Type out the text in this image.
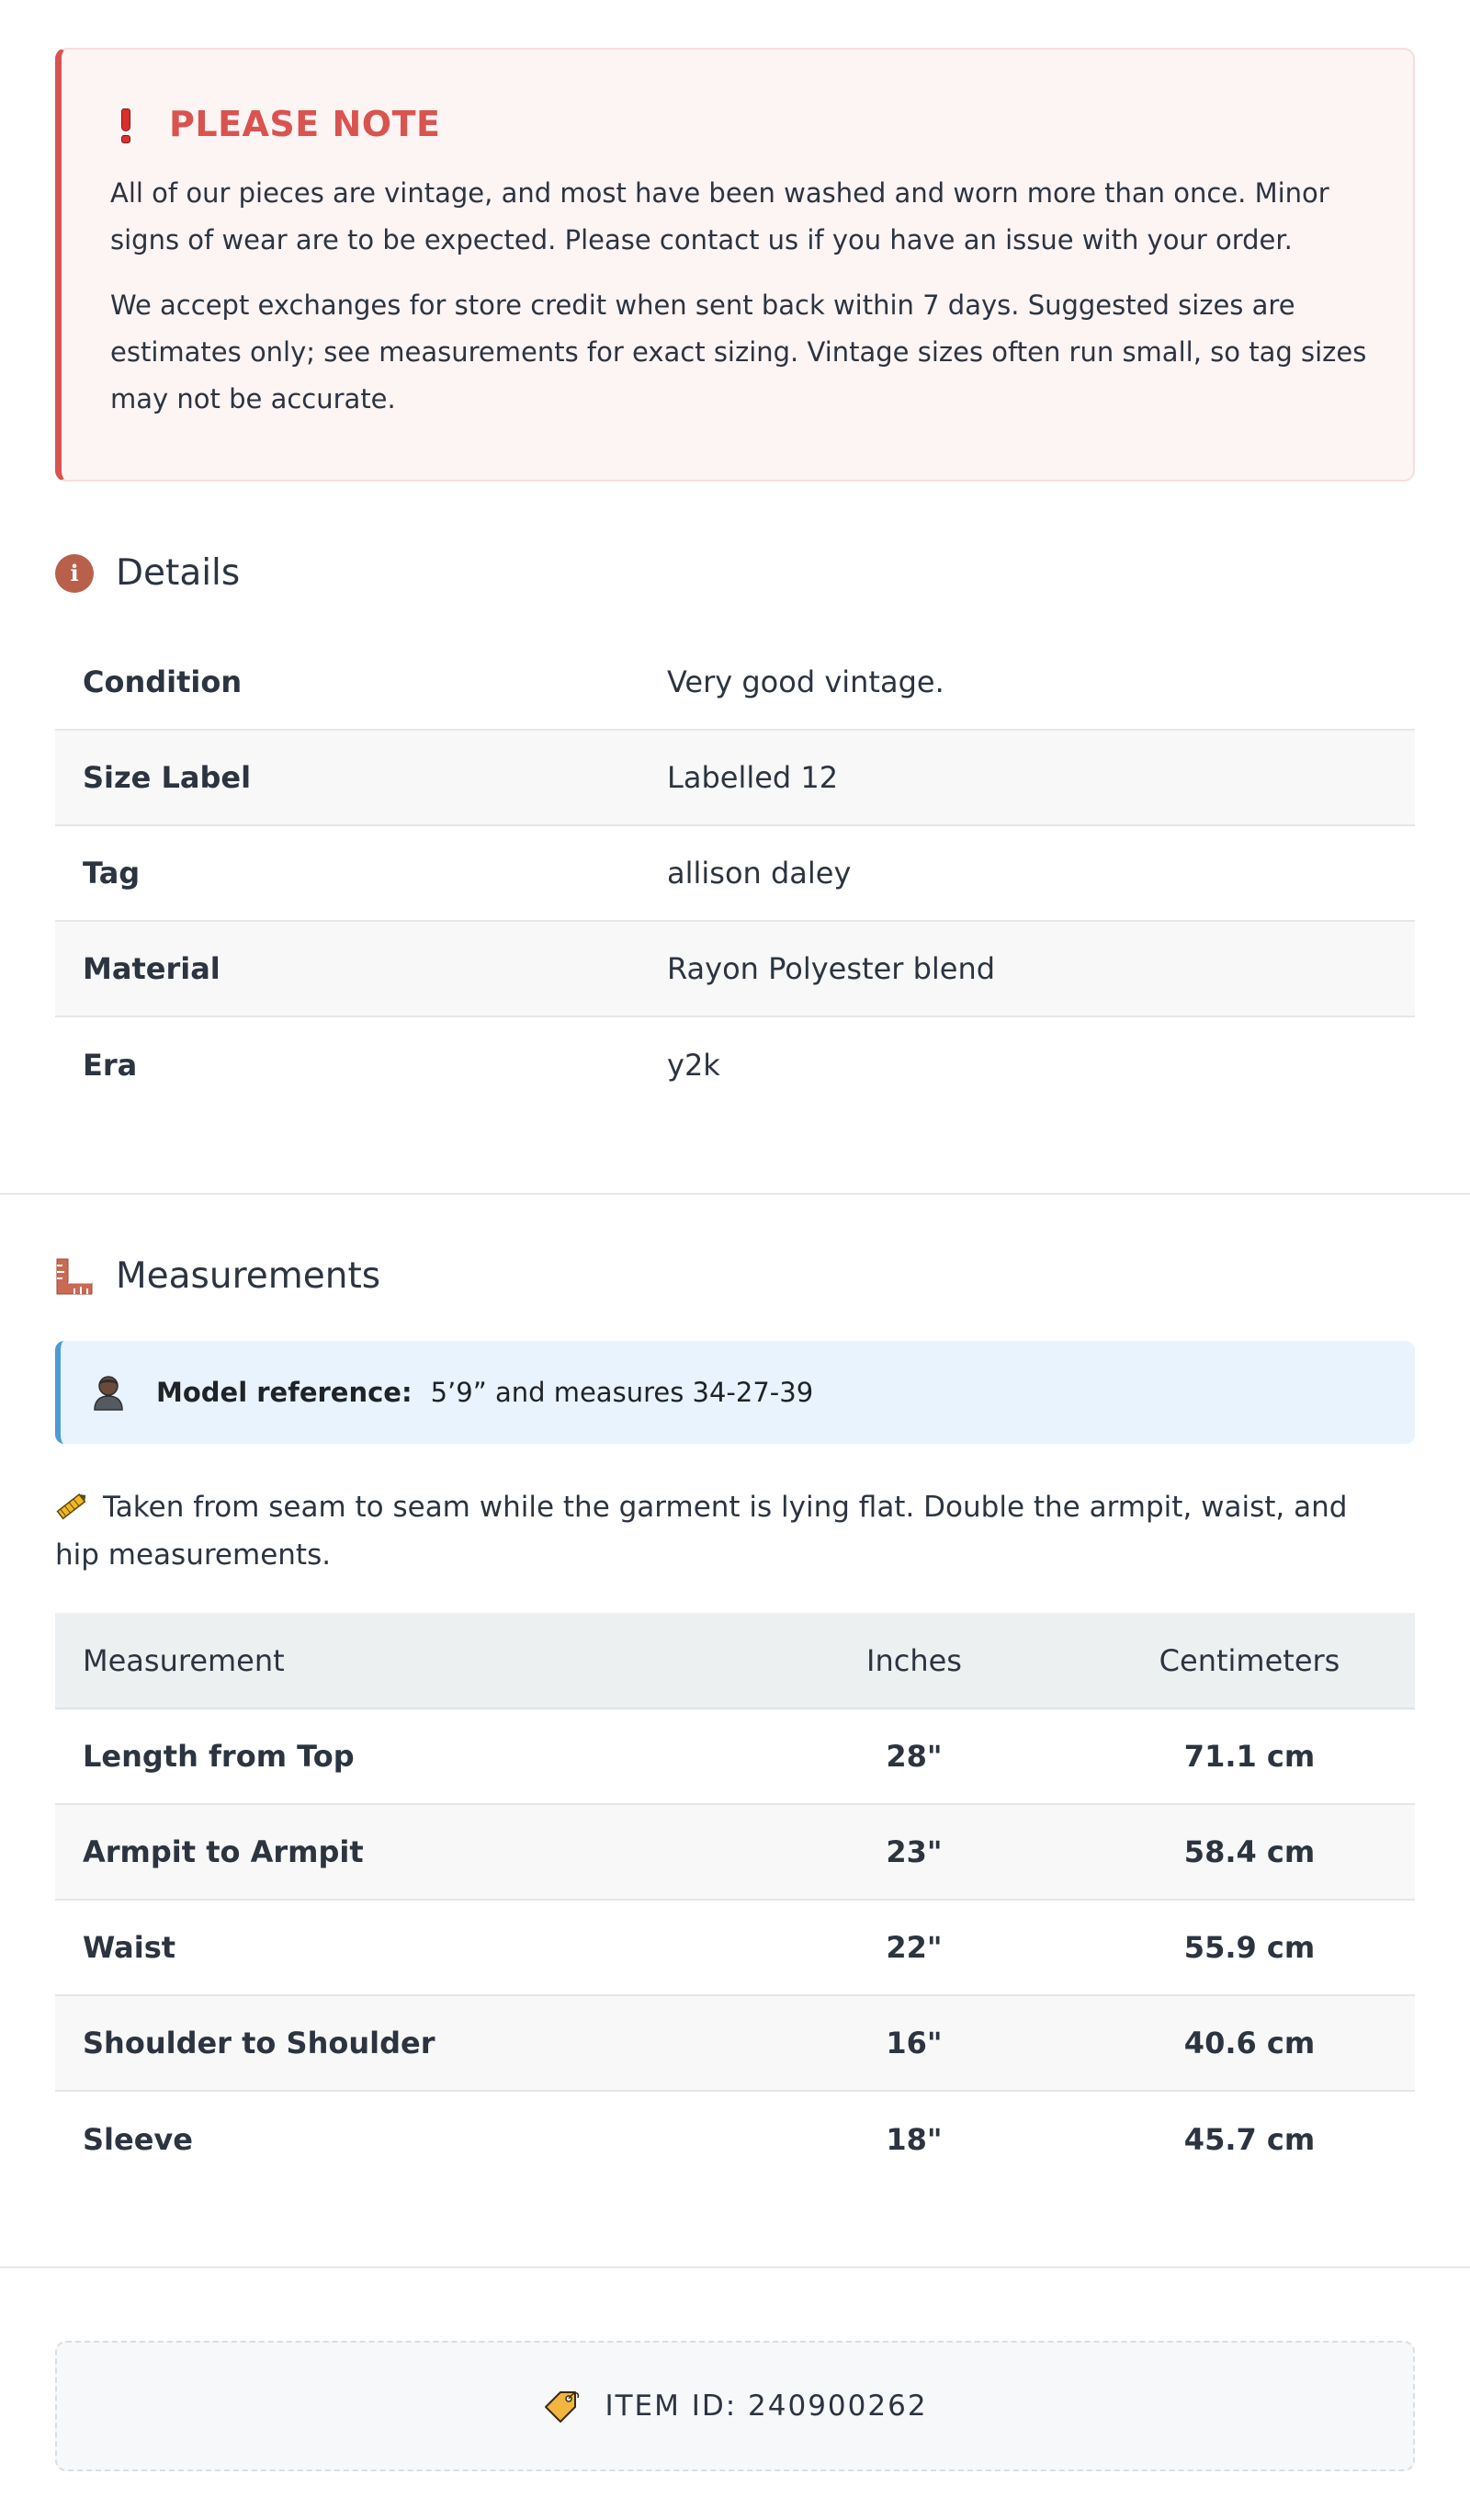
PLEASE NOTE

All of our pieces are vintage, and most have been washed and worn more than once. Minor signs of wear are to be expected. Please contact us if you have an issue with your order.

We accept exchanges for store credit when sent back within 7 days. Suggested sizes are estimates only; see measurements for exact sizing. Vintage sizes often run small, so tag sizes may not be accurate.

i	Details
Condition	Very good vintage.
Size Label	Labelled 12
Tag	allison daley
Material	Rayon Polyester blend
Era	y2k
Measurements
Model reference: 5’9” and measures 34-27-39
Taken from seam to seam while the garment is lying flat. Double the armpit, waist, and hip measurements.
Measurement	Inches	Centimeters
Length from Top	28"	71.1 cm
Armpit to Armpit	23"	58.4 cm
Waist	22"	55.9 cm
Shoulder to Shoulder	16"	40.6 cm
Sleeve	18"	45.7 cm
ITEM ID: 240900262
